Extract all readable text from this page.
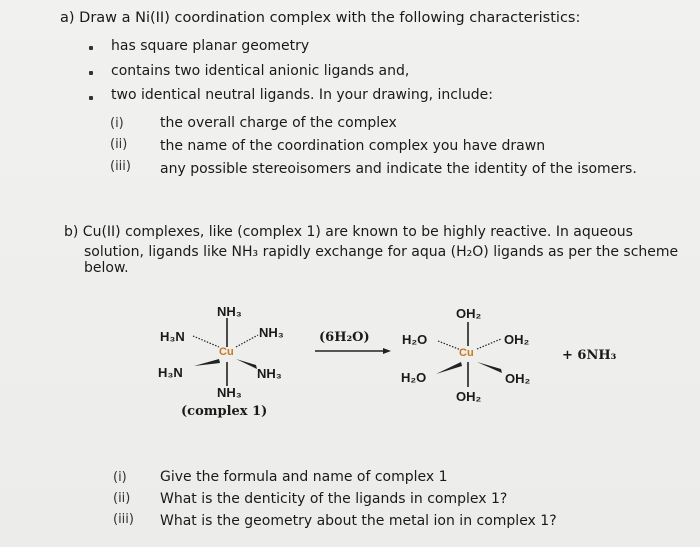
a) Draw a Ni(II) coordination complex with the following characteristics:
has square planar geometry
contains two identical anionic ligands and,
two identical neutral ligands. In your drawing, include:
(i)	the overall charge of the complex
(ii) the name of the coordination complex you have drawn
(iii) any possible stereoisomers and indicate the identity of the isomers.
b) Cu(II) complexes, like (complex 1) are known to be highly reactive. In aqueous
solution, ligands like NH₃ rapidly exchange for aqua (H₂O) ligands as per the scheme
below.
NH₃
H₃N	NH₃
Cu
H₃N	NH₃
NH₃
(complex 1)
(6H₂O)
OH₂
H₂O	OH₂
Cu
H₂O	OH₂
OH₂
+ 6NH₃
(i) Give the formula and name of complex 1
(ii) What is the denticity of the ligands in complex 1?
(iii) What is the geometry about the metal ion in complex 1?
